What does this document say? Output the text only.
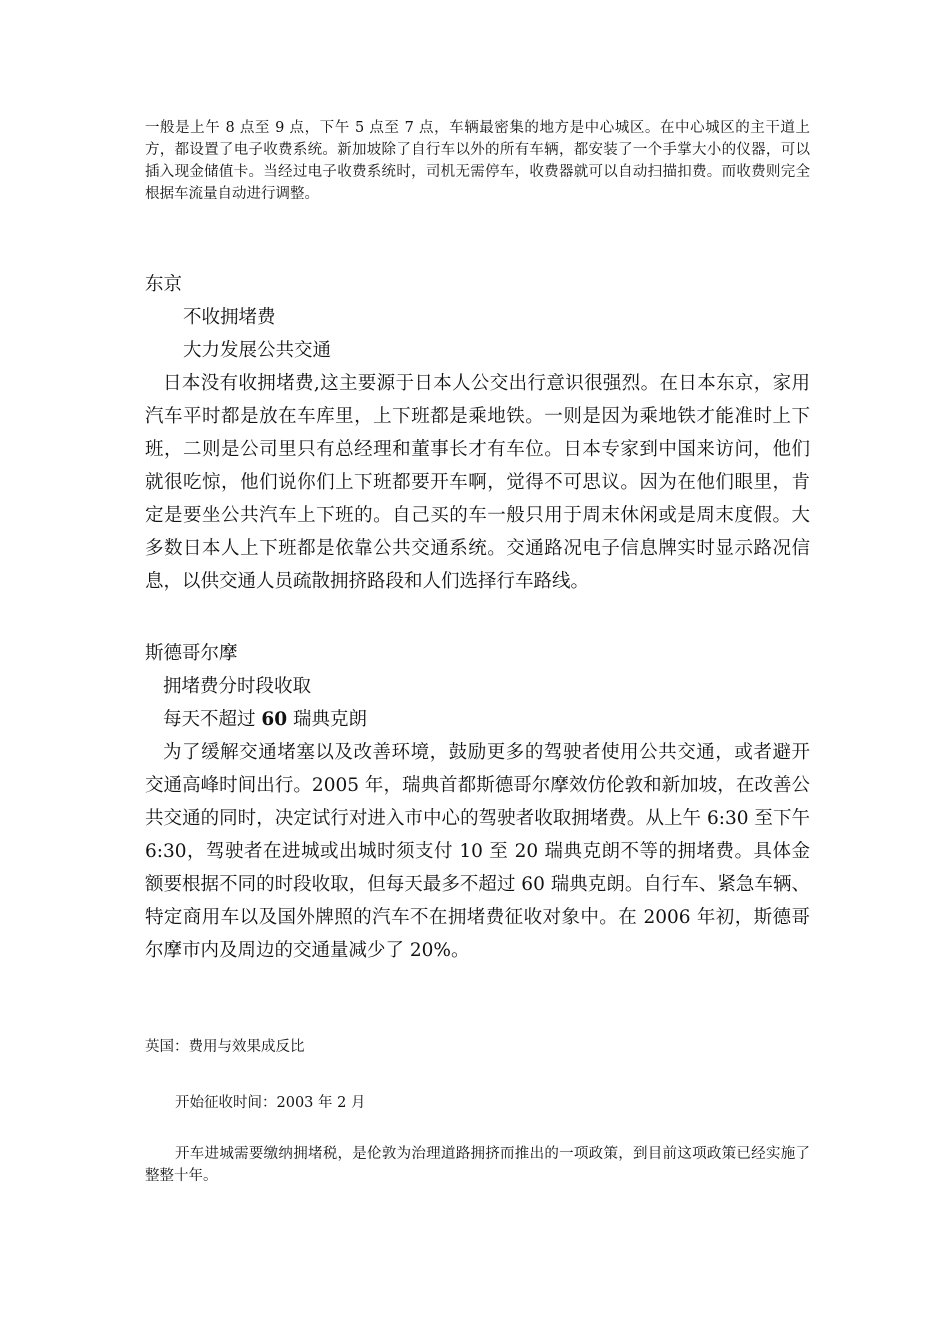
一般是上午 8 点至 9 点，下午 5 点至 7 点，车辆最密集的地方是中心城区。在中心城区的主干道上方，都设置了电子收费系统。新加坡除了自行车以外的所有车辆，都安装了一个手掌大小的仪器，可以插入现金储值卡。当经过电子收费系统时，司机无需停车，收费器就可以自动扫描扣费。而收费则完全根据车流量自动进行调整。

东京
不收拥堵费
大力发展公共交通

日本没有收拥堵费,这主要源于日本人公交出行意识很强烈。在日本东京，家用汽车平时都是放在车库里，上下班都是乘地铁。一则是因为乘地铁才能准时上下班，二则是公司里只有总经理和董事长才有车位。日本专家到中国来访问，他们就很吃惊，他们说你们上下班都要开车啊，觉得不可思议。因为在他们眼里，肯定是要坐公共汽车上下班的。自己买的车一般只用于周末休闲或是周末度假。大多数日本人上下班都是依靠公共交通系统。交通路况电子信息牌实时显示路况信息，以供交通人员疏散拥挤路段和人们选择行车路线。

斯德哥尔摩
拥堵费分时段收取
每天不超过 60 瑞典克朗

为了缓解交通堵塞以及改善环境，鼓励更多的驾驶者使用公共交通，或者避开交通高峰时间出行。2005 年，瑞典首都斯德哥尔摩效仿伦敦和新加坡，在改善公共交通的同时，决定试行对进入市中心的驾驶者收取拥堵费。从上午 6:30 至下午 6:30，驾驶者在进城或出城时须支付 10 至 20 瑞典克朗不等的拥堵费。具体金额要根据不同的时段收取，但每天最多不超过 60 瑞典克朗。自行车、紧急车辆、特定商用车以及国外牌照的汽车不在拥堵费征收对象中。在 2006 年初，斯德哥尔摩市内及周边的交通量减少了 20%。

英国：费用与效果成反比
开始征收时间：2003 年 2 月

开车进城需要缴纳拥堵税，是伦敦为治理道路拥挤而推出的一项政策，到目前这项政策已经实施了整整十年。
